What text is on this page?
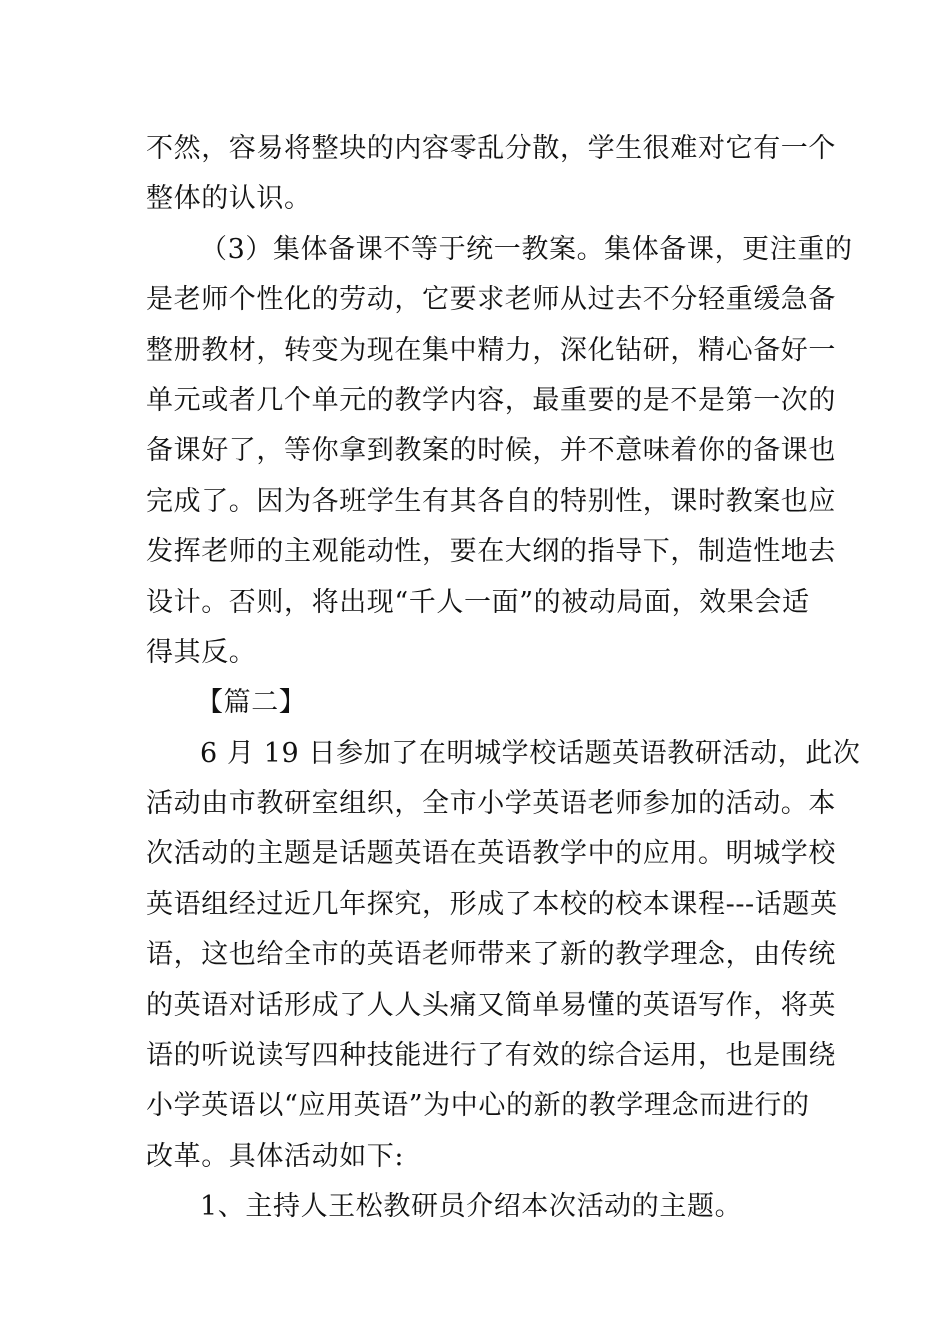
不然，容易将整块的内容零乱分散，学生很难对它有一个
整体的认识。
（3）集体备课不等于统一教案。集体备课，更注重的
是老师个性化的劳动，它要求老师从过去不分轻重缓急备
整册教材，转变为现在集中精力，深化钻研，精心备好一
单元或者几个单元的教学内容，最重要的是不是第一次的
备课好了，等你拿到教案的时候，并不意味着你的备课也
完成了。因为各班学生有其各自的特别性，课时教案也应
发挥老师的主观能动性，要在大纲的指导下，制造性地去
设计。否则，将出现“千人一面”的被动局面，效果会适
得其反。
【篇二】
6 月 19 日参加了在明城学校话题英语教研活动，此次
活动由市教研室组织，全市小学英语老师参加的活动。本
次活动的主题是话题英语在英语教学中的应用。明城学校
英语组经过近几年探究，形成了本校的校本课程---话题英
语，这也给全市的英语老师带来了新的教学理念，由传统
的英语对话形成了人人头痛又简单易懂的英语写作，将英
语的听说读写四种技能进行了有效的综合运用，也是围绕
小学英语以“应用英语”为中心的新的教学理念而进行的
改革。具体活动如下:
1、主持人王松教研员介绍本次活动的主题。
